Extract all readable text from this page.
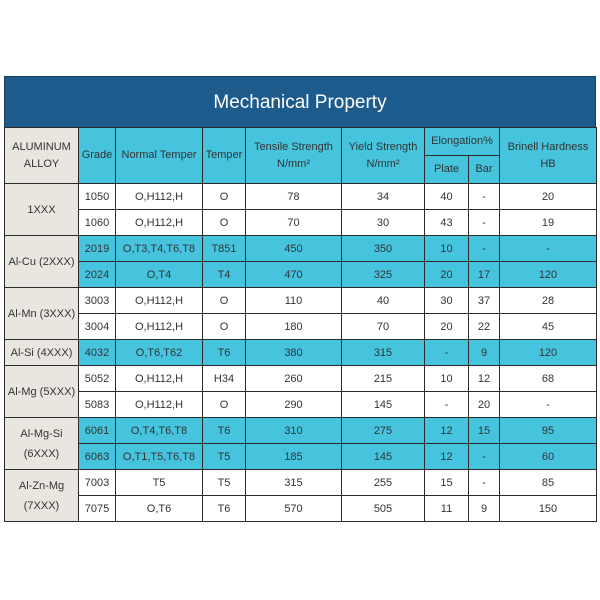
Mechanical Property
ALUMINUM ALLOY	Grade	Normal Temper	Temper	Tensile Strength N/mm²	Yield Strength N/mm²	Elongation%		Brinell Hardness HB
						Plate	Bar	
1XXX	1050	O,H112,H	O	78	34	40	-	20
	1060	O,H112,H	O	70	30	43	-	19
Al-Cu (2XXX)	2019	O,T3,T4,T6,T8	T851	450	350	10	-	-
	2024	O,T4	T4	470	325	20	17	120
Al-Mn (3XXX)	3003	O,H112,H	O	110	40	30	37	28
	3004	O,H112,H	O	180	70	20	22	45
Al-Si (4XXX)	4032	O,T6,T62	T6	380	315	-	9	120
Al-Mg (5XXX)	5052	O,H112,H	H34	260	215	10	12	68
	5083	O,H112,H	O	290	145	-	20	-
Al-Mg-Si (6XXX)	6061	O,T4,T6,T8	T6	310	275	12	15	95
	6063	O,T1,T5,T6,T8	T5	185	145	12	-	60
Al-Zn-Mg (7XXX)	7003	T5	T5	315	255	15	-	85
	7075	O,T6	T6	570	505	11	9	150
